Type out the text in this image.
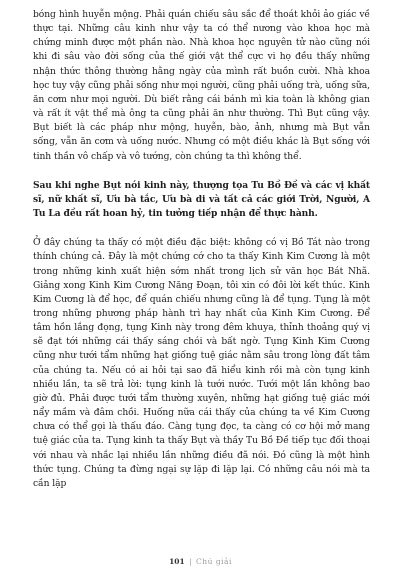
bóng hình huyễn mộng. Phải quán chiếu sâu sắc để thoát khỏi ảo giác về thực tại. Những câu kinh như vậy ta có thể nương vào khoa học mà chứng minh được một phần nào. Nhà khoa học nguyên tử nào cũng nói khi đi sâu vào đời sống của thế giới vật thể cực vi họ đều thấy những nhận thức thông thường hằng ngày của mình rất buồn cười. Nhà khoa học tuy vậy cũng phải sống như mọi người, cũng phải uống trà, uống sữa, ăn cơm như mọi người. Dù biết rằng cái bánh mì kia toàn là không gian và rất ít vật thể mà ông ta cũng phải ăn như thường. Thì Bụt cũng vậy. Bụt biết là các pháp như mộng, huyễn, bào, ảnh, nhưng mà Bụt vẫn sống, vẫn ăn cơm và uống nước. Nhưng có một điều khác là Bụt sống với tinh thần vô chấp và vô tướng, còn chúng ta thì không thể.

Sau khi nghe Bụt nói kinh này, thượng tọa Tu Bồ Đề và các vị khất sĩ, nữ khất sĩ, Ưu bà tắc, Ưu bà di và tất cả các giới Trời, Người, A Tu La đều rất hoan hỷ, tin tưởng tiếp nhận để thực hành.

Ở đây chúng ta thấy có một điều đặc biệt: không có vị Bồ Tát nào trong thính chúng cả. Đây là một chứng cớ cho ta thấy Kinh Kim Cương là một trong những kinh xuất hiện sớm nhất trong lịch sử văn học Bát Nhã. Giảng xong Kinh Kim Cương Năng Đoạn, tôi xin có đôi lời kết thúc. Kinh Kim Cương là để học, để quán chiếu nhưng cũng là để tụng. Tụng là một trong những phương pháp hành trì hay nhất của Kinh Kim Cương. Để tâm hồn lắng đọng, tụng Kinh này trong đêm khuya, thỉnh thoảng quý vị sẽ đạt tới những cái thấy sáng chói và bất ngờ. Tụng Kinh Kim Cương cũng như tưới tẩm những hạt giống tuệ giác nằm sâu trong lòng đất tâm của chúng ta. Nếu có ai hỏi tại sao đã hiểu kinh rồi mà còn tụng kinh nhiều lần, ta sẽ trả lời: tụng kinh là tưới nước. Tưới một lần không bao giờ đủ. Phải được tưới tẩm thường xuyên, những hạt giống tuệ giác mới nẩy mầm và đâm chồi. Huống nữa cái thấy của chúng ta về Kim Cương chưa có thể gọi là thấu đáo. Càng tụng đọc, ta càng có cơ hội mở mang tuệ giác của ta. Tụng kinh ta thấy Bụt và thầy Tu Bồ Đề tiếp tục đối thoại với nhau và nhắc lại nhiều lần những điều đã nói. Đó cũng là một hình thức tụng. Chúng ta đừng ngại sự lặp đi lặp lại. Có những câu nói mà ta cần lặp

101 | Chú giải
